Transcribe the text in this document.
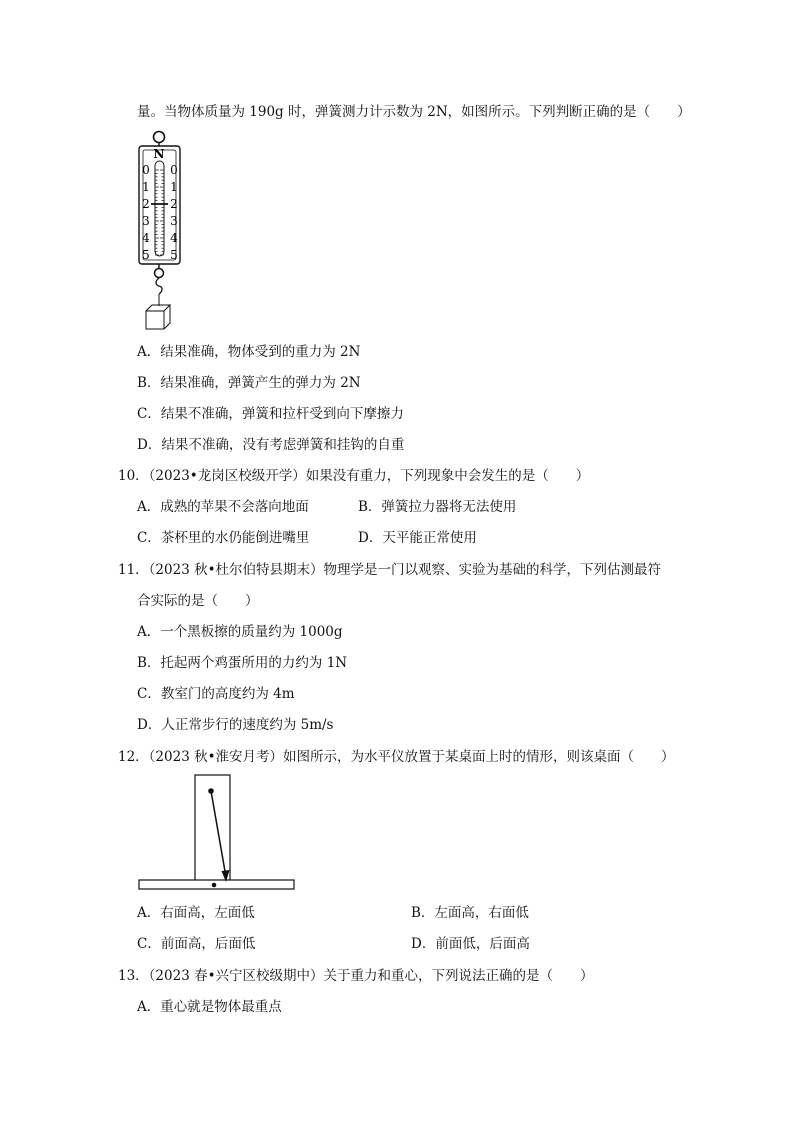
量。当物体质量为 190g 时，弹簧测力计示数为 2N，如图所示。下列判断正确的是（　　）
N
0
1
2
3
4
5
0
1
2
3
4
5
A．结果准确，物体受到的重力为 2N
B．结果准确，弹簧产生的弹力为 2N
C．结果不准确，弹簧和拉杆受到向下摩擦力
D．结果不准确，没有考虑弹簧和挂钩的自重
10．（2023•龙岗区校级开学）如果没有重力，下列现象中会发生的是（　　）
A．成熟的苹果不会落向地面	B．弹簧拉力器将无法使用
C．茶杯里的水仍能倒进嘴里	D．天平能正常使用
11．（2023 秋•杜尔伯特县期末）物理学是一门以观察、实验为基础的科学，下列估测最符
合实际的是（　　）
A．一个黑板擦的质量约为 1000g
B．托起两个鸡蛋所用的力约为 1N
C．教室门的高度约为 4m
D．人正常步行的速度约为 5m/s
12．（2023 秋•淮安月考）如图所示，为水平仪放置于某桌面上时的情形，则该桌面（　　）
A．右面高，左面低	B．左面高，右面低
C．前面高，后面低	D．前面低，后面高
13．（2023 春•兴宁区校级期中）关于重力和重心，下列说法正确的是（　　）
A．重心就是物体最重点
